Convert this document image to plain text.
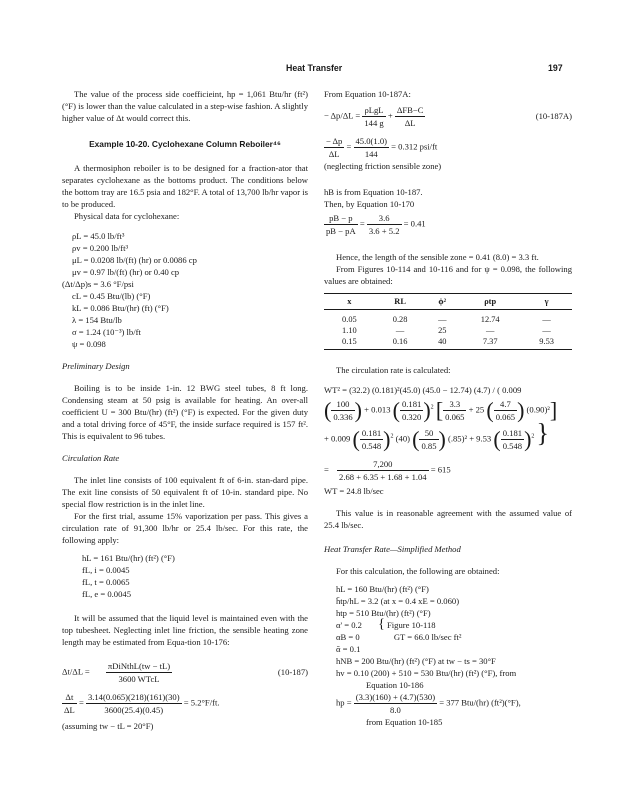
Heat Transfer	197

The value of the process side coefficieint, hp = 1,061 Btu/hr (ft²) (°F) is lower than the value calculated in a step-wise fashion. A slightly higher value of Δt would correct this.

Example 10-20. Cyclohexane Column Reboiler⁴⁶

A thermosiphon reboiler is to be designed for a fraction-ator that separates cyclohexane as the bottoms product. The conditions below the bottom tray are 16.5 psia and 182°F. A total of 13,700 lb/hr vapor is to be produced.

Physical data for cyclohexane:

ρL = 45.0 lb/ft³
ρv = 0.200 lb/ft³
μL = 0.0208 lb/(ft) (hr) or 0.0086 cp
μv = 0.97 lb/(ft) (hr) or 0.40 cp
(Δt/Δp)s = 3.6 °F/psi
cL = 0.45 Btu/(lb) (°F)
kL = 0.086 Btu/(hr) (ft) (°F)
λ = 154 Btu/lb
σ = 1.24 (10⁻³) lb/ft
ψ = 0.098
Preliminary Design

Boiling is to be inside 1-in. 12 BWG steel tubes, 8 ft long. Condensing steam at 50 psig is available for heating. An over-all coefficient U = 300 Btu/(hr) (ft²) (°F) is expected. For the given duty and a total driving force of 45°F, the inside surface required is 157 ft². This is equivalent to 96 tubes.

Circulation Rate

The inlet line consists of 100 equivalent ft of 6-in. stan-dard pipe. The exit line consists of 50 equivalent ft of 10-in. standard pipe. No special flow restriction is in the inlet line.

For the first trial, assume 15% vaporization per pass. This gives a circulation rate of 91,300 lb/hr or 25.4 lb/sec. For this rate, the following apply:

hL = 161 Btu/(hr) (ft²) (°F)
fL, i = 0.0045
fL, t = 0.0065
fL, e = 0.0045

It will be assumed that the liquid level is maintained even with the top tubesheet. Neglecting inlet line friction, the sensible heating zone length may be estimated from Equa-tion 10-176:

$\Delta t/\Delta L = \frac{\text{πDiNthL(tw − tL)}}{\text{3600 WTcL}}$	(10-187)
$\frac{\Delta t}{\Delta L} = \frac{3.14(0.065)(218)(161)(30)}{3600(25.4)(0.45)} = 5.2^\circ F/ft$.
(assuming tw − tL = 20°F)
From Equation 10-187A:
− $\Delta p/\Delta L = \frac{\text{ρLgL}}{144 g} + \frac{\text{ΔFB−C}}{\Delta L}$	(10-187A)
$\frac{- \Delta p}{\Delta L} = \frac{45.0(1.0)}{144} = 0.312$ psi/ft
(neglecting friction sensible zone)
hB is from Equation 10-187.
Then, by Equation 10-170
$\frac{pB - p}{pB - pA} = \frac{3.6}{3.6 + 5.2} = 0.41$

Hence, the length of the sensible zone = 0.41 (8.0) = 3.3 ft.

From Figures 10-114 and 10-116 and for ψ = 0.098, the following values are obtained:

x	RL	ϕ²	ρtp	γ
0.05	0.28	—	12.74	—
1.10	—	25	—	—
0.15	0.16	40	7.37	9.53

The circulation rate is calculated:

WT² = (32.2) (0.181)²(45.0) (45.0 − 12.74) (4.7) / ( 0.009
( $\frac{100}{0.336}$ ) + 0.013 ( $\frac{0.181}{0.320} )^2$ [ $\frac{3.3}{0.065} + 25$ ( $\frac{4.7}{0.065}$ ) (0.90)²]
+ 0.009 ( $\frac{0.181}{0.548} )^2$ (40) ( $\frac{50}{0.85}$ ) (.85)² + 9.53 ( $\frac{0.181}{0.548} )^2$ }
= $\frac{7,200}{2.68 + 6.35 + 1.68 + 1.04} = 615$
WT = 24.8 lb/sec

This value is in reasonable agreement with the assumed value of 25.4 lb/sec.

Heat Transfer Rate—Simplified Method

For this calculation, the following are obtained:

hL = 160 Btu/(hr) (ft²) (°F)
h̄tp/hL = 3.2 (at x = 0.4 xE = 0.060)
htp = 510 Btu/(hr) (ft²) (°F)
α' = 0.2 { Figure 10-118
αB = 0	GT = 66.0 lb/sec ft²
ᾱ = 0.1
hNB = 200 Btu/(hr) (ft²) (°F) at tw − ts = 30°F
hv = 0.10 (200) + 510 = 530 Btu/(hr) (ft²) (°F), from
Equation 10-186
hp = $\frac{(3.3)(160) + (4.7)(530)}{8.0} = 377$ Btu/(hr) (ft²)(°F),
from Equation 10-185
